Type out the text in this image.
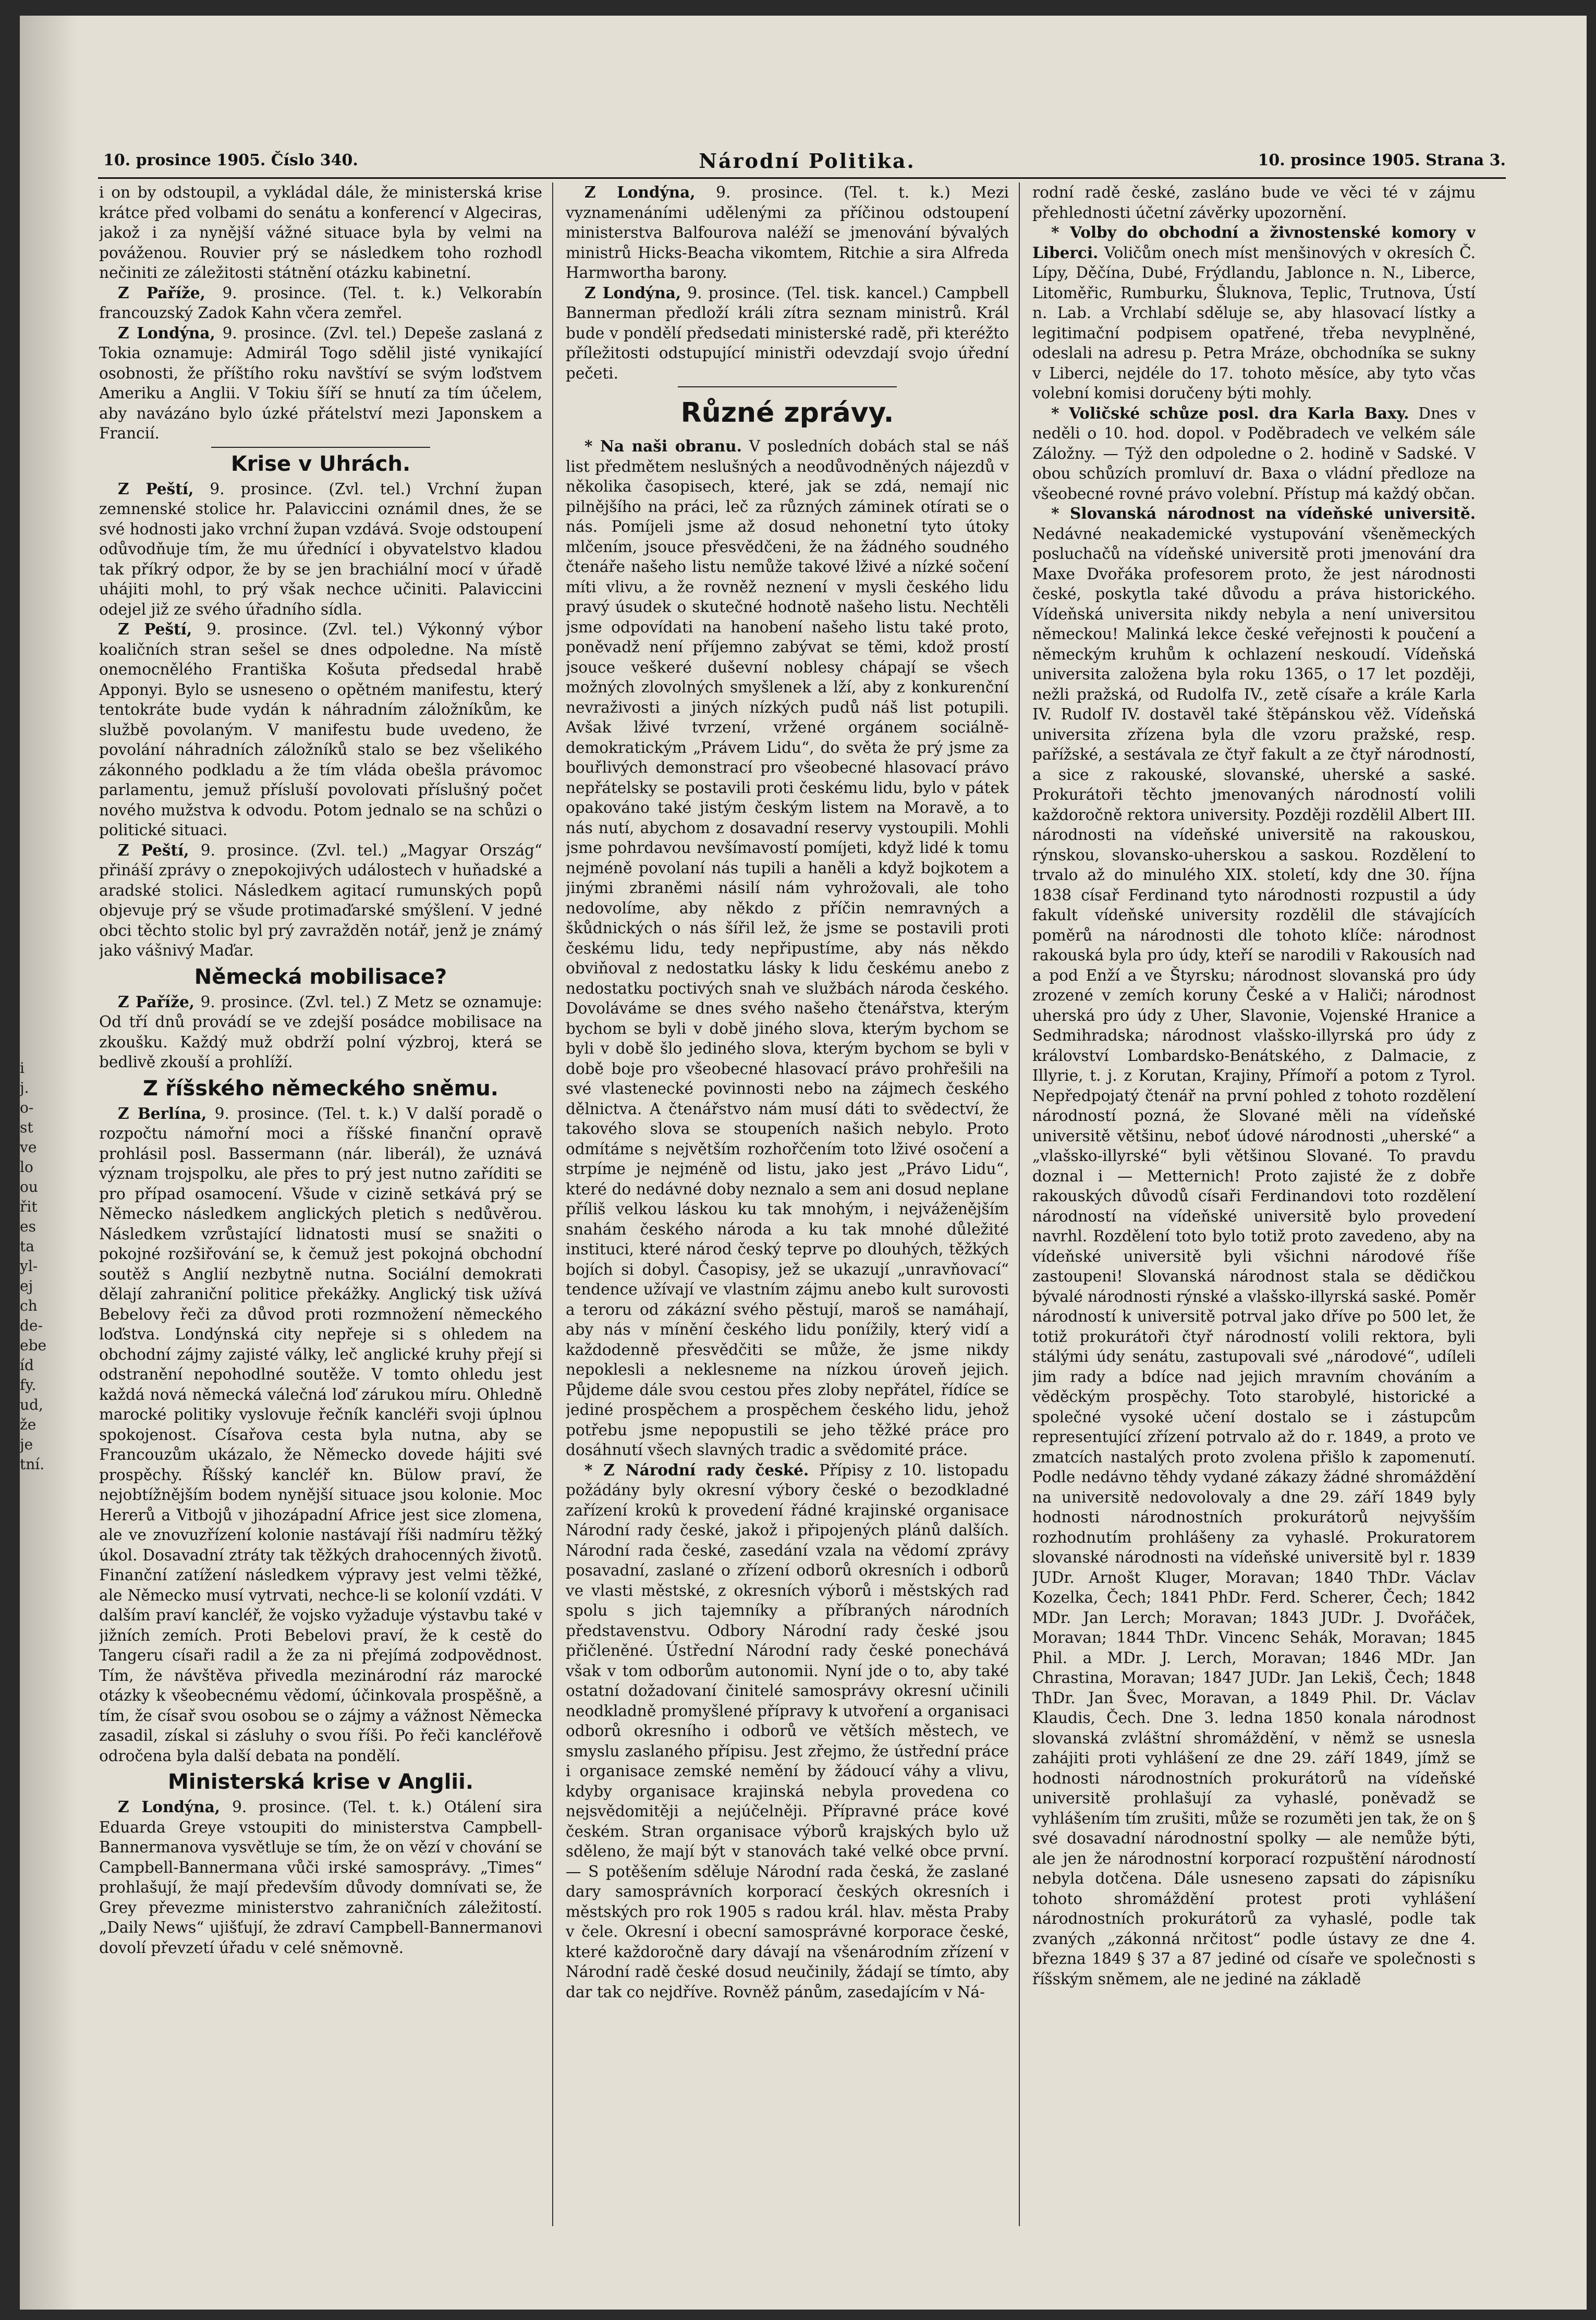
i
j.
o-
st
ve
lo
ou
řit
es
ta
yl-
ej
ch
de-
ebe
íd
fy.
ud,
že
je
tní.
10. prosince 1905. Číslo 340.	Národní Politika.	10. prosince 1905. Strana 3.

i on by odstoupil, a vykládal dále, že ministerská krise krátce před volbami do senátu a konferencí v Algeciras, jakož i za nynější vážné situace byla by velmi na pováženou. Rouvier prý se následkem toho rozhodl nečiniti ze záležitosti státnění otázku kabinetní.

Z Paříže, 9. prosince. (Tel. t. k.) Velkorabín francouzský Zadok Kahn včera zemřel.

Z Londýna, 9. prosince. (Zvl. tel.) Depeše zaslaná z Tokia oznamuje: Admirál Togo sdělil jisté vynikající osobnosti, že příštího roku navštíví se svým loďstvem Ameriku a Anglii. V Tokiu šíří se hnutí za tím účelem, aby navázáno bylo úzké přátelství mezi Japonskem a Francií.

Krise v Uhrách.

Z Peští, 9. prosince. (Zvl. tel.) Vrchní župan zemnenské stolice hr. Palaviccini oznámil dnes, že se své hodnosti jako vrchní župan vzdává. Svoje odstoupení odůvodňuje tím, že mu úřednící i obyvatelstvo kladou tak příkrý odpor, že by se jen brachiální mocí v úřadě uhájiti mohl, to prý však nechce učiniti. Palaviccini odejel již ze svého úřadního sídla.

Z Peští, 9. prosince. (Zvl. tel.) Výkonný výbor koaličních stran sešel se dnes odpoledne. Na místě onemocnělého Františka Košuta předsedal hrabě Apponyi. Bylo se usneseno o opětném manifestu, který tentokráte bude vydán k náhradním záložníkům, ke službě povolaným. V manifestu bude uvedeno, že povolání náhradních záložníků stalo se bez všelikého zákonného podkladu a že tím vláda obešla právomoc parlamentu, jemuž přísluší povolovati příslušný počet nového mužstva k odvodu. Potom jednalo se na schůzi o politické situaci.

Z Peští, 9. prosince. (Zvl. tel.) „Magyar Ország“ přináší zprávy o znepokojivých událostech v huňadské a aradské stolici. Následkem agitací rumunských popů objevuje prý se všude protimaďarské smýšlení. V jedné obci těchto stolic byl prý zavražděn notář, jenž je známý jako vášnivý Maďar.

Německá mobilisace?

Z Paříže, 9. prosince. (Zvl. tel.) Z Metz se oznamuje: Od tří dnů provádí se ve zdejší posádce mobilisace na zkoušku. Každý muž obdrží polní výzbroj, která se bedlivě zkouší a prohlíží.

Z říšského německého sněmu.

Z Berlína, 9. prosince. (Tel. t. k.) V další poradě o rozpočtu námořní moci a říšské finanční opravě prohlásil posl. Bassermann (nár. liberál), že uznává význam trojspolku, ale přes to prý jest nutno zaříditi se pro případ osamocení. Všude v cizině setkává prý se Německo následkem anglických pletich s nedůvěrou. Následkem vzrůstající lidnatosti musí se snažiti o pokojné rozšiřování se, k čemuž jest pokojná obchodní soutěž s Anglií nezbytně nutna. Sociální demokrati dělají zahraniční politice překážky. Anglický tisk užívá Bebelovy řeči za důvod proti rozmnožení německého loďstva. Londýnská city nepřeje si s ohledem na obchodní zájmy zajisté války, leč anglické kruhy přejí si odstranění nepohodlné soutěže. V tomto ohledu jest každá nová německá válečná loď zárukou míru. Ohledně marocké politiky vyslovuje řečník kancléři svoji úplnou spokojenost. Císařova cesta byla nutna, aby se Francouzům ukázalo, že Německo dovede hájiti své prospěchy. Říšský kancléř kn. Bülow praví, že nejobtížnějším bodem nynější situace jsou kolonie. Moc Hererů a Vitbojů v jihozápadní Africe jest sice zlomena, ale ve znovuzřízení kolonie nastávají říši nadmíru těžký úkol. Dosavadní ztráty tak těžkých drahocenných životů. Finanční zatížení následkem výpravy jest velmi těžké, ale Německo musí vytrvati, nechce-li se koloníí vzdáti. V dalším praví kancléř, že vojsko vyžaduje výstavbu také v jižních zemích. Proti Bebelovi praví, že k cestě do Tangeru císaři radil a že za ni přejímá zodpovědnost. Tím, že návštěva přivedla mezinárodní ráz marocké otázky k všeobecnému vědomí, účinkovala prospěšně, a tím, že císař svou osobou se o zájmy a vážnost Německa zasadil, získal si zásluhy o svou říši. Po řeči kancléřově odročena byla další debata na pondělí.

Ministerská krise v Anglii.

Z Londýna, 9. prosince. (Tel. t. k.) Otálení sira Eduarda Greye vstoupiti do ministerstva Campbell-Bannermanova vysvětluje se tím, že on vězí v chování se Campbell-Bannermana vůči irské samosprávy. „Times“ prohlašují, že mají především důvody domnívati se, že Grey převezme ministerstvo zahraničních záležitostí. „Daily News“ ujišťují, že zdraví Campbell-Bannermanovi dovolí převzetí úřadu v celé sněmovně.

Z Londýna, 9. prosince. (Tel. t. k.) Mezi vyznamenáními udělenými za příčinou odstoupení ministerstva Balfourova naléží se jmenování bývalých ministrů Hicks-Beacha vikomtem, Ritchie a sira Alfreda Harmwortha barony.

Z Londýna, 9. prosince. (Tel. tisk. kancel.) Campbell Bannerman předloží králi zítra seznam ministrů. Král bude v pondělí předsedati ministerské radě, při kteréžto příležitosti odstupující ministři odevzdají svojo úřední pečeti.

Různé zprávy.

* Na naši obranu. V posledních dobách stal se náš list předmětem neslušných a neodůvodněných nájezdů v několika časopisech, které, jak se zdá, nemají nic pilnějšího na práci, leč za různých záminek otírati se o nás. Pomíjeli jsme až dosud nehonetní tyto útoky mlčením, jsouce přesvědčeni, že na žádného soudného čtenáře našeho listu nemůže takové lživé a nízké sočení míti vlivu, a že rovněž neznení v mysli českého lidu pravý úsudek o skutečné hodnotě našeho listu. Nechtěli jsme odpovídati na hanobení našeho listu také proto, poněvadž není příjemno zabývat se těmi, kdož prostí jsouce veškeré duševní noblesy chápají se všech možných zlovolných smyšlenek a lží, aby z konkurenční nevraživosti a jiných nízkých pudů náš list potupili. Avšak lživé tvrzení, vržené orgánem sociálně-demokratickým „Právem Lidu“, do světa že prý jsme za bouřlivých demonstrací pro všeobecné hlasovací právo nepřátelsky se postavili proti českému lidu, bylo v pátek opakováno také jistým českým listem na Moravě, a to nás nutí, abychom z dosavadní reservy vystoupili. Mohli jsme pohrdavou nevšímavostí pomíjeti, když lidé k tomu nejméně povolaní nás tupili a haněli a když bojkotem a jinými zbraněmi násilí nám vyhrožovali, ale toho nedovolíme, aby někdo z příčin nemravných a škůdnických o nás šířil lež, že jsme se postavili proti českému lidu, tedy nepřipustíme, aby nás někdo obviňoval z nedostatku lásky k lidu českému anebo z nedostatku poctivých snah ve službách národa českého. Dovoláváme se dnes svého našeho čtenářstva, kterým bychom se byli v době jiného slova, kterým bychom se byli v době šlo jediného slova, kterým bychom se byli v době boje pro všeobecné hlasovací právo prohřešili na své vlastenecké povinnosti nebo na zájmech českého dělnictva. A čtenářstvo nám musí dáti to svědectví, že takového slova se stoupeních našich nebylo. Proto odmítáme s největším rozhořčením toto lživé osočení a strpíme je nejméně od listu, jako jest „Právo Lidu“, které do nedávné doby neznalo a sem ani dosud neplane příliš velkou láskou ku tak mnohým, i nejváženějším snahám českého národa a ku tak mnohé důležité instituci, které národ český teprve po dlouhých, těžkých bojích si dobyl. Časopisy, jež se ukazují „unravňovací“ tendence užívají ve vlastním zájmu anebo kult surovosti a teroru od zákázní svého pěstují, maroš se namáhají, aby nás v mínění českého lidu ponížily, který vidí a každodenně přesvědčiti se může, že jsme nikdy nepoklesli a neklesneme na nízkou úroveň jejich. Půjdeme dále svou cestou přes zloby nepřátel, řídíce se jediné prospěchem a prospěchem českého lidu, jehož potřebu jsme nepopustili se jeho těžké práce pro dosáhnutí všech slavných tradic a svědomité práce.

* Z Národní rady české. Přípisy z 10. listopadu požádány byly okresní výbory české o bezodkladné zařízení krokû k provedení řádné krajinské organisace Národní rady české, jakož i připojených plánů dalších. Národní rada české, zasedání vzala na vědomí zprávy posavadní, zaslané o zřízení odborů okresních i odborů ve vlasti městské, z okresních výborů i městských rad spolu s jich tajemníky a příbraných národních představenstvu. Odbory Národní rady české jsou přičleněné. Ústřední Národní rady české ponechává však v tom odborům autonomii. Nyní jde o to, aby také ostatní dožadovaní činitelé samosprávy okresní učinili neodkladně promyšlené přípravy k utvoření a organisaci odborů okresního i odborů ve větších městech, ve smyslu zaslaného přípisu. Jest zřejmo, že ústřední práce i organisace zemské nemění by žádoucí váhy a vlivu, kdyby organisace krajinská nebyla provedena co nejsvědomitěji a nejúčelněji. Přípravné práce kové českém. Stran organisace výborů krajských bylo už sděleno, že mají být v stanovách také velké obce první. — S potěšením sděluje Národní rada česká, že zaslané dary samosprávních korporací českých okresních i městských pro rok 1905 s radou král. hlav. města Praby v čele. Okresní i obecní samosprávné korporace české, které každoročně dary dávají na všenárodním zřízení v Národní radě české dosud neučinily, žádají se tímto, aby dar tak co nejdříve. Rovněž pánům, zasedajícím v Ná-

rodní radě české, zasláno bude ve věci té v zájmu přehlednosti účetní závěrky upozornění.

* Volby do obchodní a živnostenské komory v Liberci. Voličům onech míst menšinových v okresích Č. Lípy, Děčína, Dubé, Frýdlandu, Jablonce n. N., Liberce, Litoměřic, Rumburku, Šluknova, Teplic, Trutnova, Ústí n. Lab. a Vrchlabí sděluje se, aby hlasovací lístky a legitimační podpisem opatřené, třeba nevyplněné, odeslali na adresu p. Petra Mráze, obchodníka se sukny v Liberci, nejdéle do 17. tohoto měsíce, aby tyto včas volební komisi doručeny býti mohly.

* Voličské schůze posl. dra Karla Baxy. Dnes v neděli o 10. hod. dopol. v Poděbradech ve velkém sále Záložny. — Týž den odpoledne o 2. hodině v Sadské. V obou schůzích promluví dr. Baxa o vládní předloze na všeobecné rovné právo volební. Přístup má každý občan.

* Slovanská národnost na vídeňské universitě. Nedávné neakademické vystupování všeněmeckých posluchačů na vídeňské universitě proti jmenování dra Maxe Dvořáka profesorem proto, že jest národnosti české, poskytla také důvodu a práva historického. Vídeňská universita nikdy nebyla a není universitou německou! Malinká lekce české veřejnosti k poučení a německým kruhům k ochlazení neskoudí. Vídeňská universita založena byla roku 1365, o 17 let později, nežli pražská, od Rudolfa IV., zetě císaře a krále Karla IV. Rudolf IV. dostavěl také štěpánskou věž. Vídeňská universita zřízena byla dle vzoru pražské, resp. pařížské, a sestávala ze čtyř fakult a ze čtyř národností, a sice z rakouské, slovanské, uherské a saské. Prokurátoři těchto jmenovaných národností volili každoročně rektora university. Později rozdělil Albert III. národnosti na vídeňské universitě na rakouskou, rýnskou, slovansko-uherskou a saskou. Rozdělení to trvalo až do minulého XIX. století, kdy dne 30. října 1838 císař Ferdinand tyto národnosti rozpustil a údy fakult vídeňské university rozdělil dle stávajících poměrů na národnosti dle tohoto klíče: národnost rakouská byla pro údy, kteří se narodili v Rakousích nad a pod Enží a ve Štyrsku; národnost slovanská pro údy zrozené v zemích koruny České a v Haliči; národnost uherská pro údy z Uher, Slavonie, Vojenské Hranice a Sedmihradska; národnost vlašsko-illyrská pro údy z království Lombardsko-Benátského, z Dalmacie, z Illyrie, t. j. z Korutan, Krajiny, Přímoří a potom z Tyrol. Nepředpojatý čtenář na první pohled z tohoto rozdělení národností pozná, že Slované měli na vídeňské universitě většinu, neboť údové národnosti „uherské“ a „vlašsko-illyrské“ byli většinou Slované. To pravdu doznal i — Metternich! Proto zajisté že z dobře rakouských důvodů císaři Ferdinandovi toto rozdělení národností na vídeňské universitě bylo provedení navrhl. Rozdělení toto bylo totiž proto zavedeno, aby na vídeňské universitě byli všichni národové říše zastoupeni! Slovanská národnost stala se dědičkou bývalé národnosti rýnské a vlašsko-illyrská saské. Poměr národností k universitě potrval jako dříve po 500 let, že totiž prokurátoři čtyř národností volili rektora, byli stálými údy senátu, zastupovali své „národové“, udíleli jim rady a bdíce nad jejich mravním chováním a věděckým prospěchy. Toto starobylé, historické a společné vysoké učení dostalo se i zástupcům representující zřízení potrvalo až do r. 1849, a proto ve zmatcích nastalých proto zvolena přišlo k zapomenutí. Podle nedávno těhdy vydané zákazy žádné shromáždění na universitě nedovolovaly a dne 29. září 1849 byly hodnosti národnostních prokurátorů nejvyšším rozhodnutím prohlášeny za vyhaslé. Prokuratorem slovanské národnosti na vídeňské universitě byl r. 1839 JUDr. Arnošt Kluger, Moravan; 1840 ThDr. Václav Kozelka, Čech; 1841 PhDr. Ferd. Scherer, Čech; 1842 MDr. Jan Lerch; Moravan; 1843 JUDr. J. Dvořáček, Moravan; 1844 ThDr. Vincenc Sehák, Moravan; 1845 Phil. a MDr. J. Lerch, Moravan; 1846 MDr. Jan Chrastina, Moravan; 1847 JUDr. Jan Lekiš, Čech; 1848 ThDr. Jan Švec, Moravan, a 1849 Phil. Dr. Václav Klaudis, Čech. Dne 3. ledna 1850 konala národnost slovanská zvláštní shromáždění, v němž se usnesla zahájiti proti vyhlášení ze dne 29. září 1849, jímž se hodnosti národnostních prokurátorů na vídeňské universitě prohlašují za vyhaslé, poněvadž se vyhlášením tím zrušiti, může se rozuměti jen tak, že on § své dosavadní národnostní spolky — ale nemůže býti, ale jen že národnostní korporací rozpuštění národností nebyla dotčena. Dále usneseno zapsati do zápisníku tohoto shromáždění protest proti vyhlášení národnostních prokurátorů za vyhaslé, podle tak zvaných „zákonná nrčitost“ podle ústavy ze dne 4. března 1849 § 37 a 87 jediné od císaře ve společnosti s říšským sněmem, ale ne jediné na základě
